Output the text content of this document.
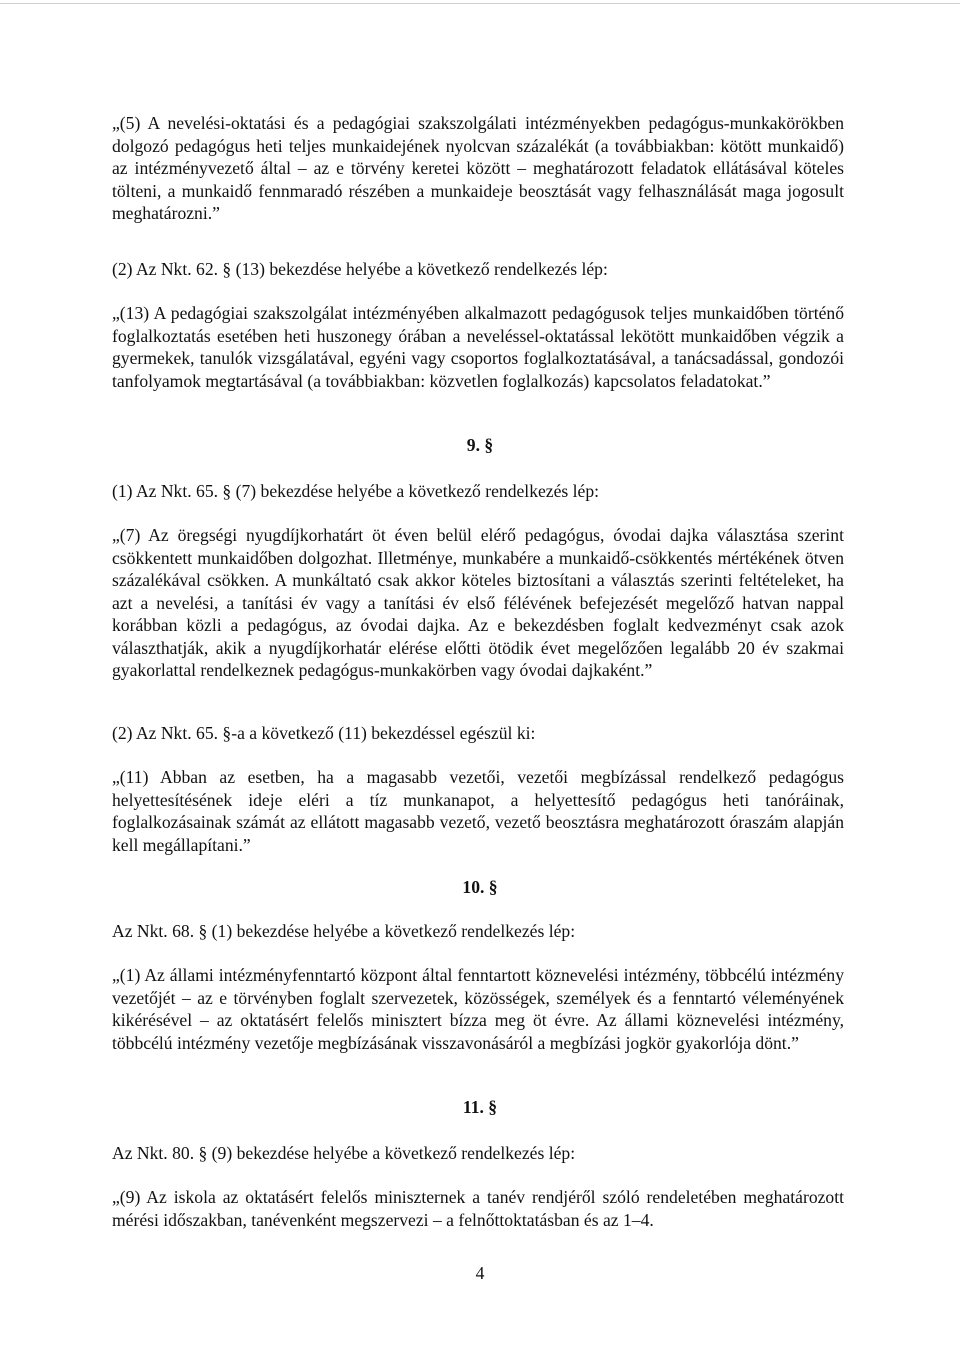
„(5) A nevelési-oktatási és a pedagógiai szakszolgálati intézményekben pedagógus-munkakörökben dolgozó pedagógus heti teljes munkaidejének nyolcvan százalékát (a továbbiakban: kötött munkaidő) az intézményvezető által – az e törvény keretei között – meghatározott feladatok ellátásával köteles tölteni, a munkaidő fennmaradó részében a munkaideje beosztását vagy felhasználását maga jogosult meghatározni.”
(2) Az Nkt. 62. § (13) bekezdése helyébe a következő rendelkezés lép:
„(13) A pedagógiai szakszolgálat intézményében alkalmazott pedagógusok teljes munkaidőben történő foglalkoztatás esetében heti huszonegy órában a neveléssel-oktatással lekötött munkaidőben végzik a gyermekek, tanulók vizsgálatával, egyéni vagy csoportos foglalkoztatásával, a tanácsadással, gondozói tanfolyamok megtartásával (a továbbiakban: közvetlen foglalkozás) kapcsolatos feladatokat.”
9. §
(1) Az Nkt. 65. § (7) bekezdése helyébe a következő rendelkezés lép:
„(7) Az öregségi nyugdíjkorhatárt öt éven belül elérő pedagógus, óvodai dajka választása szerint csökkentett munkaidőben dolgozhat. Illetménye, munkabére a munkaidő-csökkentés mértékének ötven százalékával csökken. A munkáltató csak akkor köteles biztosítani a választás szerinti feltételeket, ha azt a nevelési, a tanítási év vagy a tanítási év első félévének befejezését megelőző hatvan nappal korábban közli a pedagógus, az óvodai dajka. Az e bekezdésben foglalt kedvezményt csak azok választhatják, akik a nyugdíjkorhatár elérése előtti ötödik évet megelőzően legalább 20 év szakmai gyakorlattal rendelkeznek pedagógus-munkakörben vagy óvodai dajkaként.”
(2) Az Nkt. 65. §-a a következő (11) bekezdéssel egészül ki:
„(11) Abban az esetben, ha a magasabb vezetői, vezetői megbízással rendelkező pedagógus helyettesítésének ideje eléri a tíz munkanapot, a helyettesítő pedagógus heti tanóráinak, foglalkozásainak számát az ellátott magasabb vezető, vezető beosztásra meghatározott óraszám alapján kell megállapítani.”
10. §
Az Nkt. 68. § (1) bekezdése helyébe a következő rendelkezés lép:
„(1) Az állami intézményfenntartó központ által fenntartott köznevelési intézmény, többcélú intézmény vezetőjét – az e törvényben foglalt szervezetek, közösségek, személyek és a fenntartó véleményének kikérésével – az oktatásért felelős minisztert bízza meg öt évre. Az állami köznevelési intézmény, többcélú intézmény vezetője megbízásának visszavonásáról a megbízási jogkör gyakorlója dönt.”
11. §
Az Nkt. 80. § (9) bekezdése helyébe a következő rendelkezés lép:
„(9) Az iskola az oktatásért felelős miniszternek a tanév rendjéről szóló rendeletében meghatározott mérési időszakban, tanévenként megszervezi – a felnőttoktatásban és az 1–4.
4
